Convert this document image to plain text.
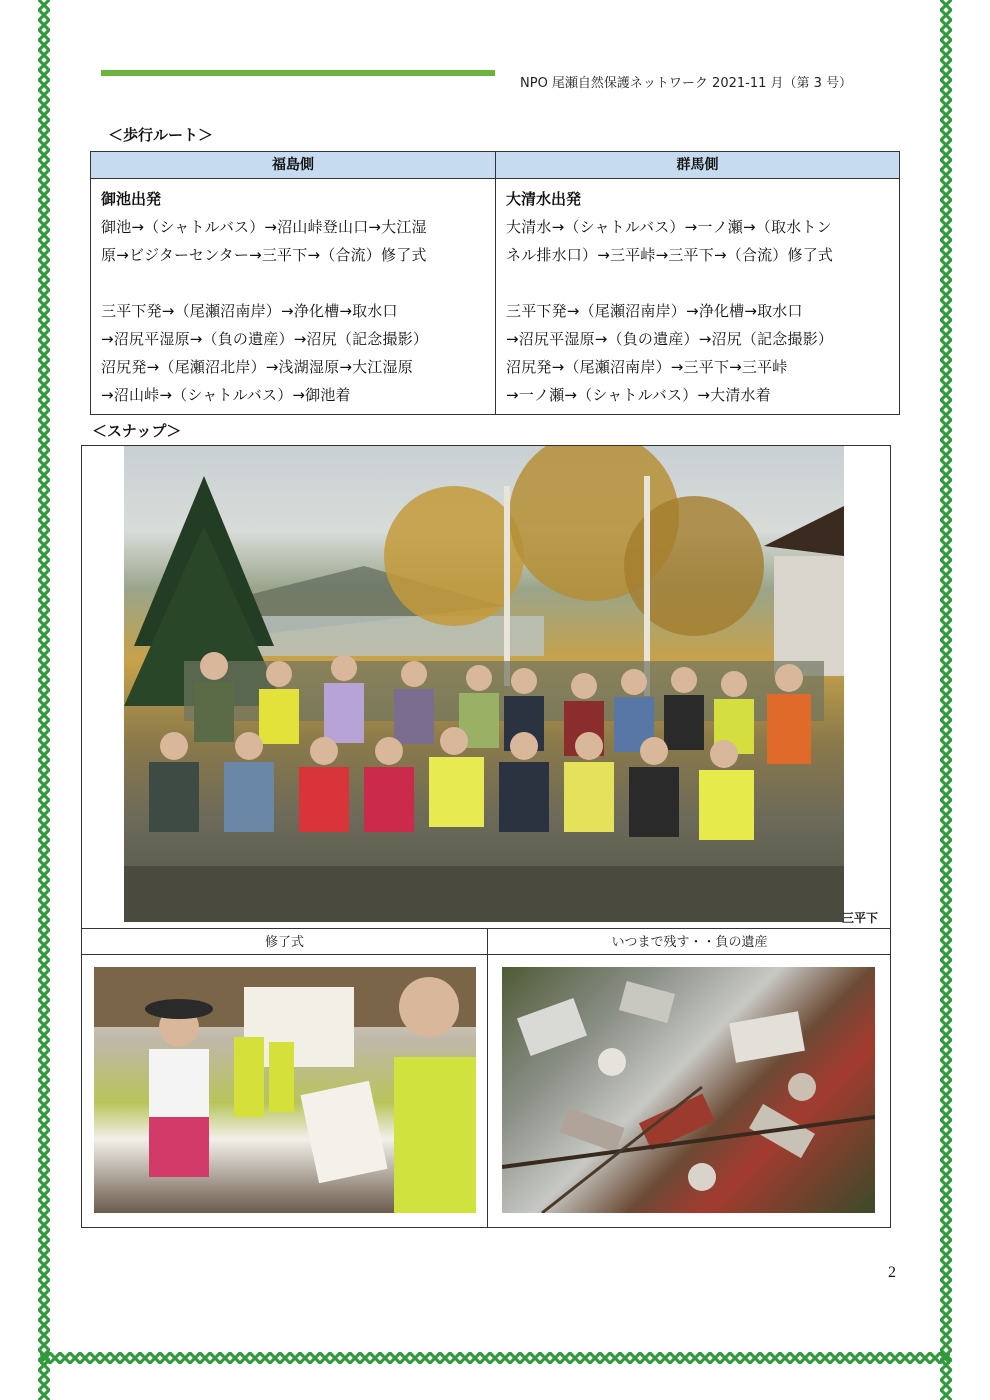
NPO 尾瀬自然保護ネットワーク 2021-11 月（第 3 号）
＜歩行ルート＞
福島側
御池出発
御池→（シャトルバス）→沼山峠登山口→大江湿
原→ビジターセンター→三平下→（合流）修了式
三平下発→（尾瀬沼南岸）→浄化槽→取水口
→沼尻平湿原→（負の遺産）→沼尻（記念撮影）
沼尻発→（尾瀬沼北岸）→浅湖湿原→大江湿原
→沼山峠→（シャトルバス）→御池着
群馬側
大清水出発
大清水→（シャトルバス）→一ノ瀬→（取水トン
ネル排水口）→三平峠→三平下→（合流）修了式
三平下発→（尾瀬沼南岸）→浄化槽→取水口
→沼尻平湿原→（負の遺産）→沼尻（記念撮影）
沼尻発→（尾瀬沼南岸）→三平下→三平峠
→一ノ瀬→（シャトルバス）→大清水着
＜スナップ＞
三平下
修了式	いつまで残す・・負の遺産
2
